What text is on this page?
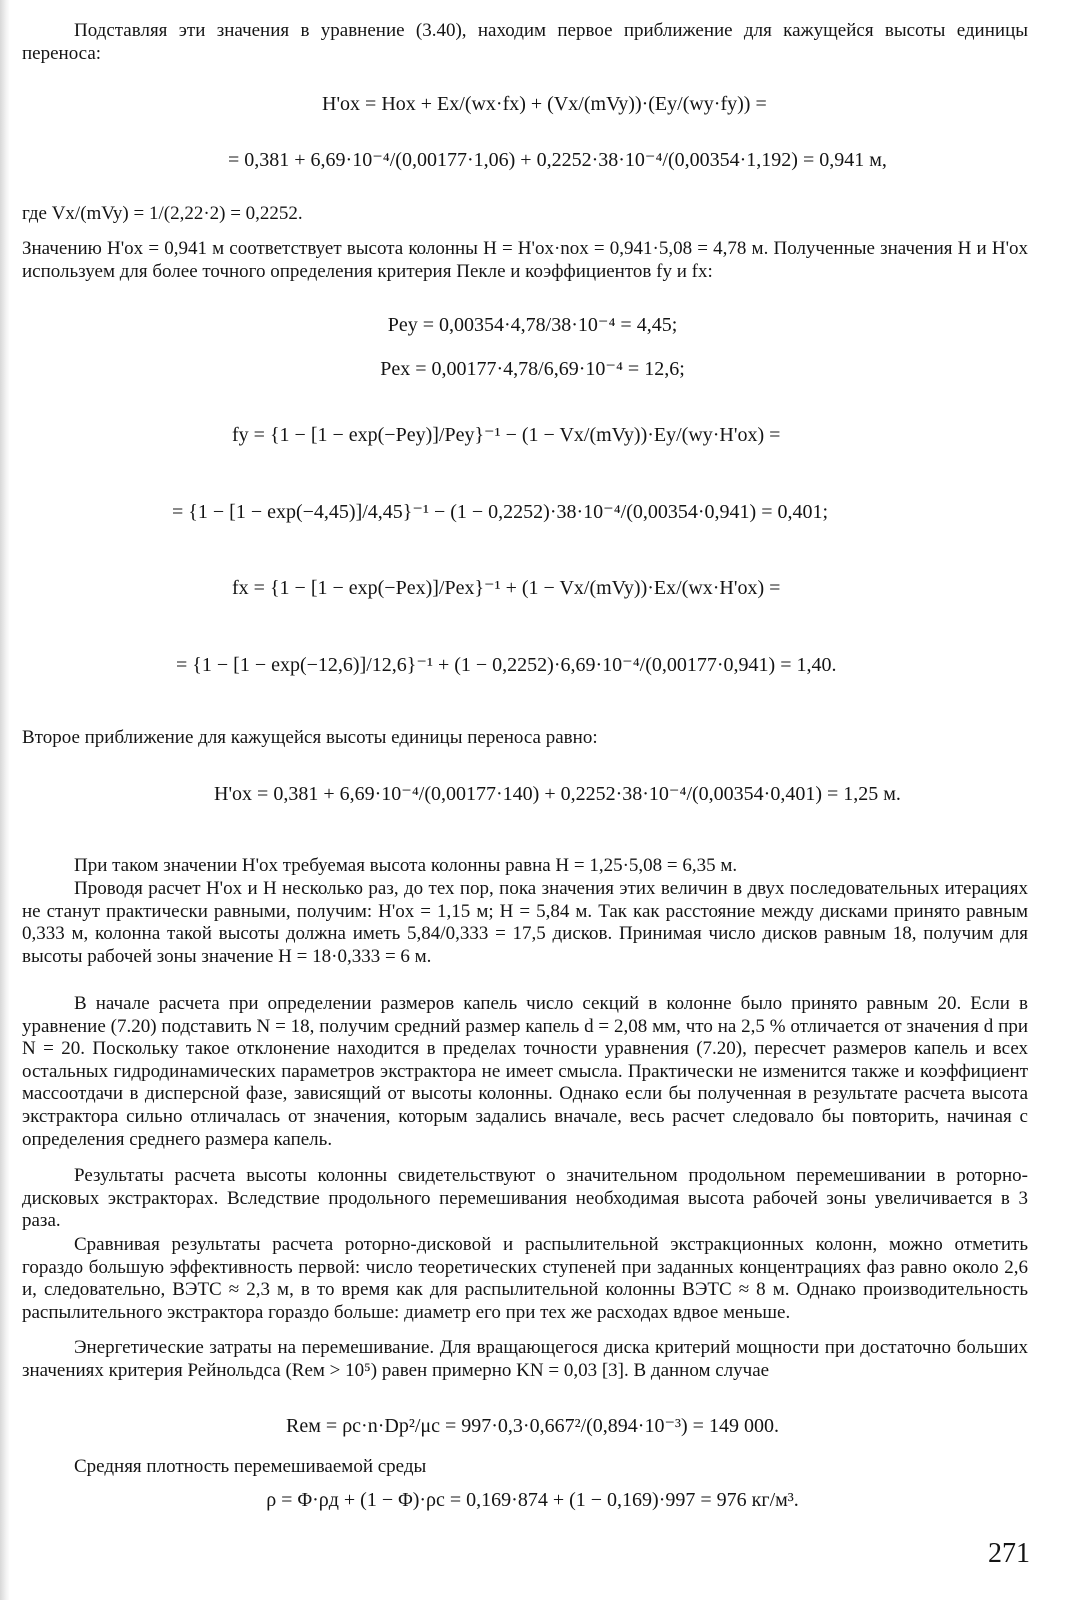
Подставляя эти значения в уравнение (3.40), находим первое приближение для кажущейся высоты единицы переноса:

H'ox = Hox + Ex/(wx·fx) + (Vx/(mVy))·(Ey/(wy·fy)) =

= 0,381 + 6,69·10⁻⁴/(0,00177·1,06) + 0,2252·38·10⁻⁴/(0,00354·1,192) = 0,941 м,

где Vx/(mVy) = 1/(2,22·2) = 0,2252.

Значению H'ox = 0,941 м соответствует высота колонны H = H'ox·nox = 0,941·5,08 = 4,78 м. Полученные значения H и H'ox используем для более точного определения критерия Пекле и коэффициентов fy и fx:

Pey = 0,00354·4,78/38·10⁻⁴ = 4,45;

Pex = 0,00177·4,78/6,69·10⁻⁴ = 12,6;

fy = {1 − [1 − exp(−Pey)]/Pey}⁻¹ − (1 − Vx/(mVy))·Ey/(wy·H'ox) =

= {1 − [1 − exp(−4,45)]/4,45}⁻¹ − (1 − 0,2252)·38·10⁻⁴/(0,00354·0,941) = 0,401;

fx = {1 − [1 − exp(−Pex)]/Pex}⁻¹ + (1 − Vx/(mVy))·Ex/(wx·H'ox) =

= {1 − [1 − exp(−12,6)]/12,6}⁻¹ + (1 − 0,2252)·6,69·10⁻⁴/(0,00177·0,941) = 1,40.

Второе приближение для кажущейся высоты единицы переноса равно:

H'ox = 0,381 + 6,69·10⁻⁴/(0,00177·140) + 0,2252·38·10⁻⁴/(0,00354·0,401) = 1,25 м.

При таком значении H'ox требуемая высота колонны равна H = 1,25·5,08 = 6,35 м.

Проводя расчет H'ox и H несколько раз, до тех пор, пока значения этих величин в двух последовательных итерациях не станут практически равными, получим: H'ox = 1,15 м; H = 5,84 м. Так как расстояние между дисками принято равным 0,333 м, колонна такой высоты должна иметь 5,84/0,333 = 17,5 дисков. Принимая число дисков равным 18, получим для высоты рабочей зоны значение H = 18·0,333 = 6 м.

В начале расчета при определении размеров капель число секций в колонне было принято равным 20. Если в уравнение (7.20) подставить N = 18, получим средний размер капель d = 2,08 мм, что на 2,5 % отличается от значения d при N = 20. Поскольку такое отклонение находится в пределах точности уравнения (7.20), пересчет размеров капель и всех остальных гидродинамических параметров экстрактора не имеет смысла. Практически не изменится также и коэффициент массоотдачи в дисперсной фазе, зависящий от высоты колонны. Однако если бы полученная в результате расчета высота экстрактора сильно отличалась от значения, которым задались вначале, весь расчет следовало бы повторить, начиная с определения среднего размера капель.

Результаты расчета высоты колонны свидетельствуют о значительном продольном перемешивании в роторно-дисковых экстракторах. Вследствие продольного перемешивания необходимая высота рабочей зоны увеличивается в 3 раза.

Сравнивая результаты расчета роторно-дисковой и распылительной экстракционных колонн, можно отметить гораздо большую эффективность первой: число теоретических ступеней при заданных концентрациях фаз равно около 2,6 и, следовательно, ВЭТС ≈ 2,3 м, в то время как для распылительной колонны ВЭТС ≈ 8 м. Однако производительность распылительного экстрактора гораздо больше: диаметр его при тех же расходах вдвое меньше.

Энергетические затраты на перемешивание. Для вращающегося диска критерий мощности при достаточно больших значениях критерия Рейнольдса (Reм > 10⁵) равен примерно KN = 0,03 [3]. В данном случае

Reм = ρc·n·Dр²/μc = 997·0,3·0,667²/(0,894·10⁻³) = 149 000.

Средняя плотность перемешиваемой среды

ρ = Φ·ρд + (1 − Φ)·ρc = 0,169·874 + (1 − 0,169)·997 = 976 кг/м³.

271
